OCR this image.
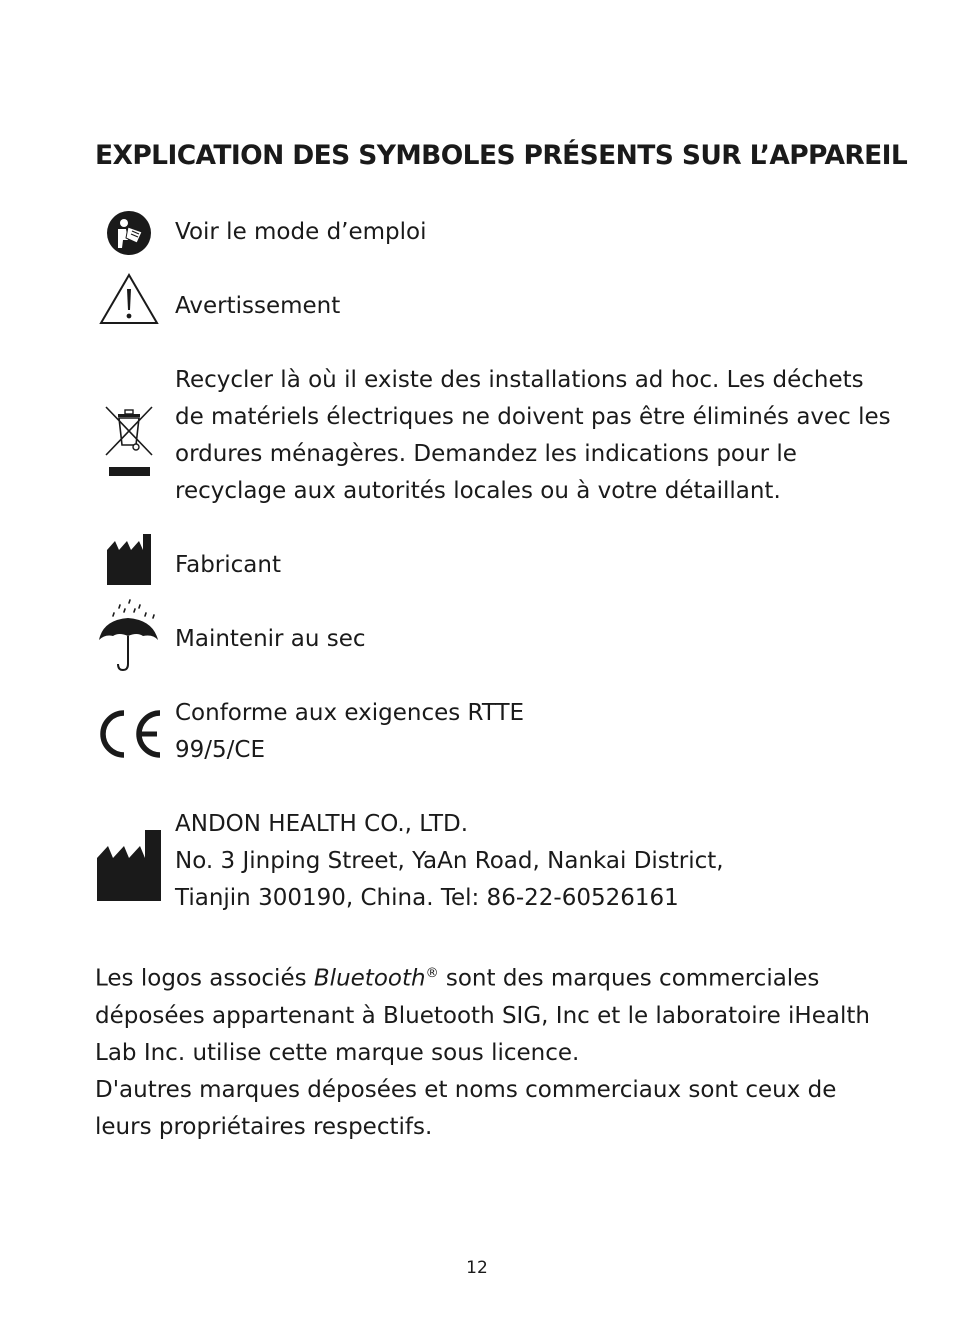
EXPLICATION DES SYMBOLES PRÉSENTS SUR L’APPAREIL
Voir le mode d’emploi
Avertissement
Recycler là où il existe des installations ad hoc. Les déchets
de matériels électriques ne doivent pas être éliminés avec les
ordures ménagères. Demandez les indications pour le
recyclage aux autorités locales ou à votre détaillant.
Fabricant
Maintenir au sec
Conforme aux exigences RTTE
99/5/CE
ANDON HEALTH CO., LTD.
No. 3 Jinping Street, YaAn Road, Nankai District,
Tianjin 300190, China. Tel: 86-22-60526161
Les logos associés Bluetooth® sont des marques commerciales
déposées appartenant à Bluetooth SIG, Inc et le laboratoire iHealth
Lab Inc. utilise cette marque sous licence.
D'autres marques déposées et noms commerciaux sont ceux de
leurs propriétaires respectifs.
12
